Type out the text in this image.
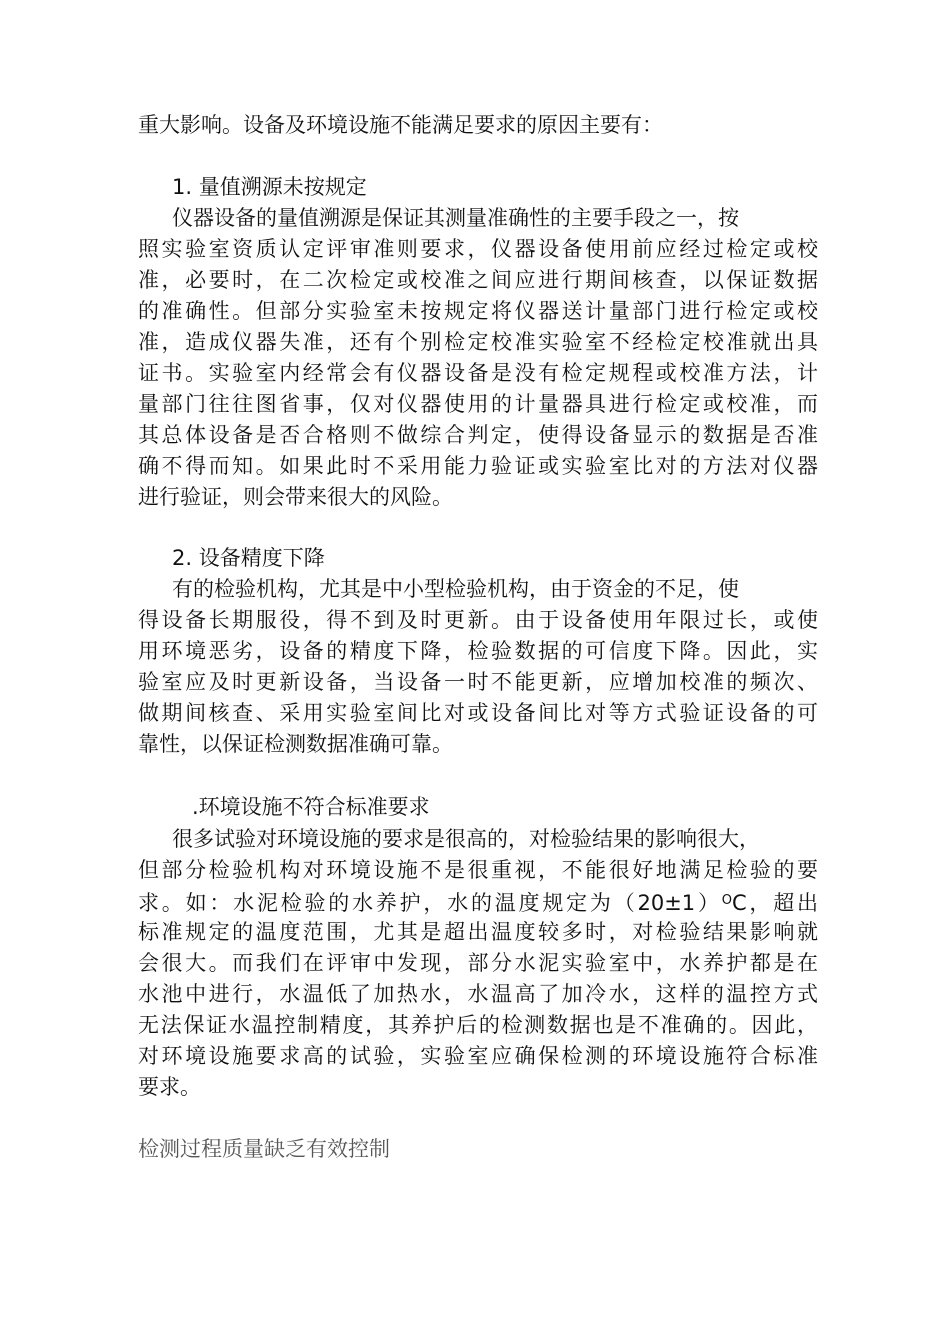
重大影响。设备及环境设施不能满足要求的原因主要有：
1. 量值溯源未按规定
仪器设备的量值溯源是保证其测量准确性的主要手段之一，按
照实验室资质认定评审准则要求，仪器设备使用前应经过检定或校
准，必要时，在二次检定或校准之间应进行期间核查，以保证数据
的准确性。但部分实验室未按规定将仪器送计量部门进行检定或校
准，造成仪器失准，还有个别检定校准实验室不经检定校准就出具
证书。实验室内经常会有仪器设备是没有检定规程或校准方法，计
量部门往往图省事，仅对仪器使用的计量器具进行检定或校准，而
其总体设备是否合格则不做综合判定，使得设备显示的数据是否准
确不得而知。如果此时不采用能力验证或实验室比对的方法对仪器
进行验证，则会带来很大的风险。
2. 设备精度下降
有的检验机构，尤其是中小型检验机构，由于资金的不足，使
得设备长期服役，得不到及时更新。由于设备使用年限过长，或使
用环境恶劣，设备的精度下降，检验数据的可信度下降。因此，实
验室应及时更新设备，当设备一时不能更新，应增加校准的频次、
做期间核查、采用实验室间比对或设备间比对等方式验证设备的可
靠性，以保证检测数据准确可靠。
.环境设施不符合标准要求
很多试验对环境设施的要求是很高的，对检验结果的影响很大，
但部分检验机构对环境设施不是很重视，不能很好地满足检验的要
求。如：水泥检验的水养护，水的温度规定为$(20\pm 1)^OC$，超出
标准规定的温度范围，尤其是超出温度较多时，对检验结果影响就
会很大。而我们在评审中发现，部分水泥实验室中，水养护都是在
水池中进行，水温低了加热水，水温高了加冷水，这样的温控方式
无法保证水温控制精度，其养护后的检测数据也是不准确的。因此，
对环境设施要求高的试验，实验室应确保检测的环境设施符合标准
要求。
检测过程质量缺乏有效控制
